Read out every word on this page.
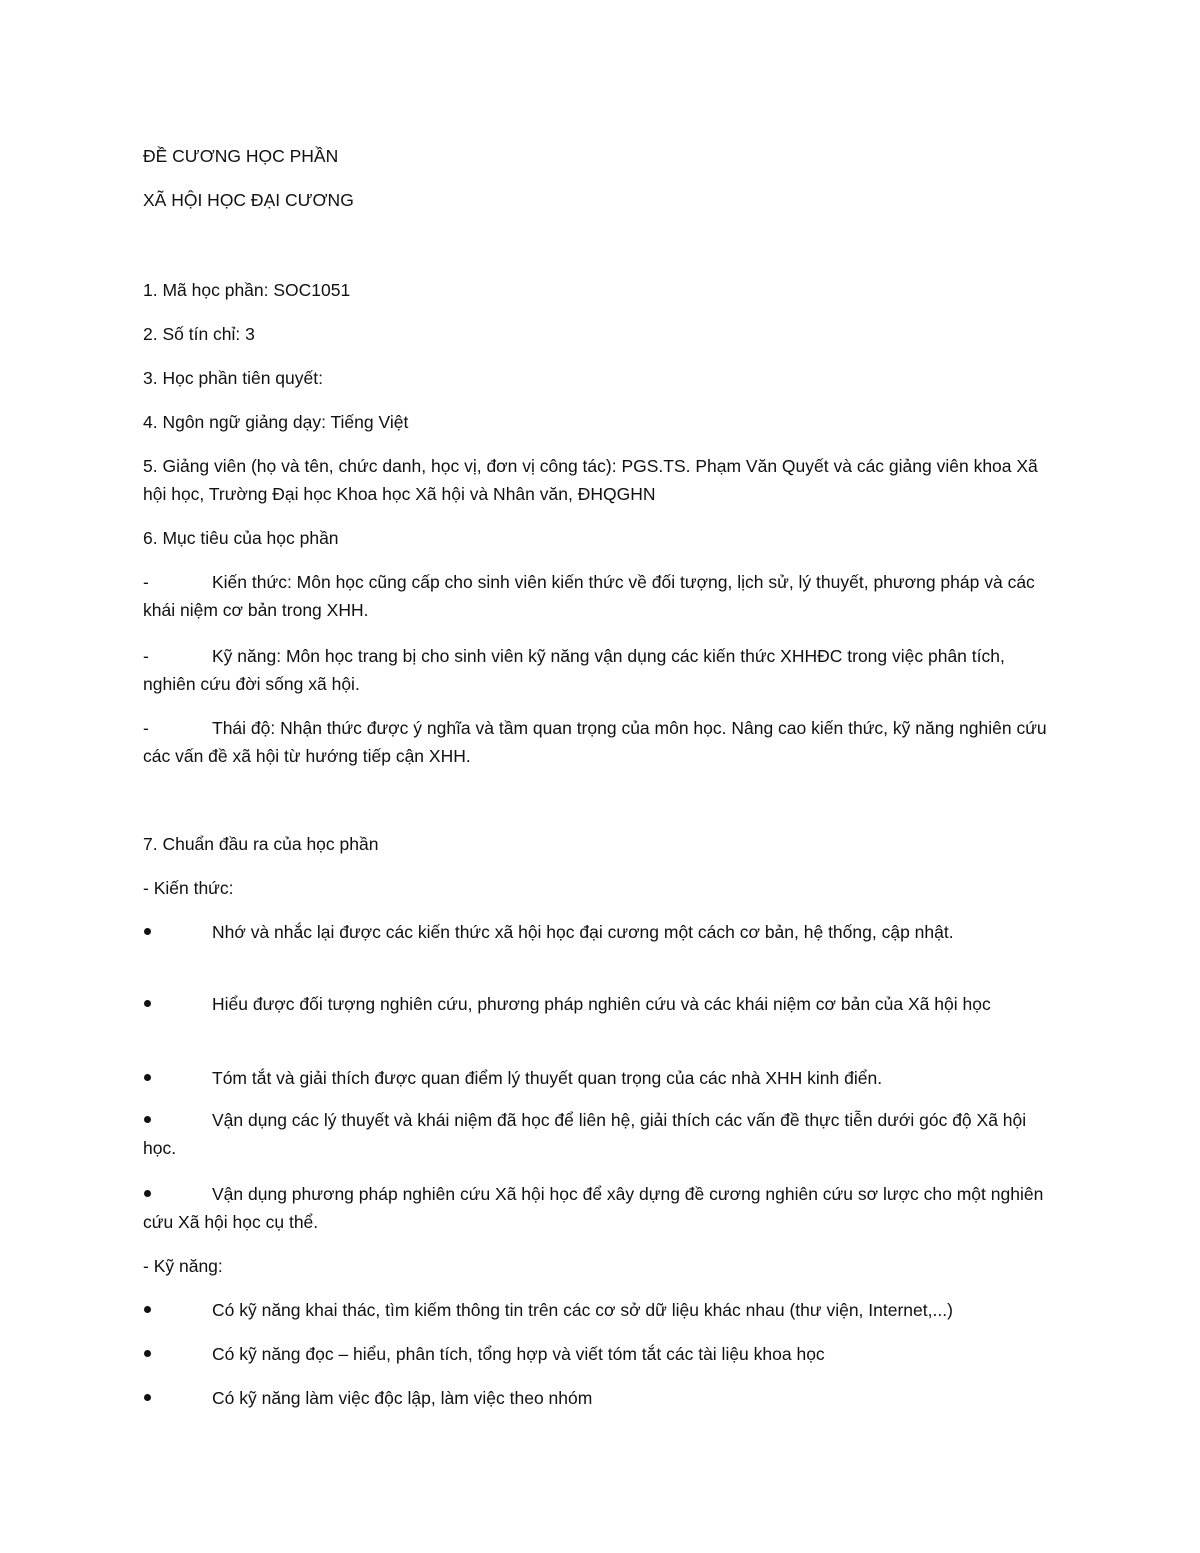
ĐỀ CƯƠNG HỌC PHẦN
XÃ HỘI HỌC ĐẠI CƯƠNG
1. Mã học phần: SOC1051
2. Số tín chỉ: 3
3. Học phần tiên quyết:
4. Ngôn ngữ giảng dạy: Tiếng Việt
5. Giảng viên (họ và tên, chức danh, học vị, đơn vị công tác): PGS.TS. Phạm Văn Quyết và các giảng viên khoa Xã hội học, Trường Đại học Khoa học Xã hội và Nhân văn, ĐHQGHN
6. Mục tiêu của học phần
-	Kiến thức: Môn học cũng cấp cho sinh viên kiến thức về đối tượng, lịch sử, lý thuyết, phương pháp và các khái niệm cơ bản trong XHH.
-	Kỹ năng: Môn học trang bị cho sinh viên kỹ năng vận dụng các kiến thức XHHĐC trong việc phân tích, nghiên cứu đời sống xã hội.
-	Thái độ: Nhận thức được ý nghĩa và tầm quan trọng của môn học. Nâng cao kiến thức, kỹ năng nghiên cứu các vấn đề xã hội từ hướng tiếp cận XHH.
7. Chuẩn đầu ra của học phần
- Kiến thức:
Nhớ và nhắc lại được các kiến thức xã hội học đại cương một cách cơ bản, hệ thống, cập nhật.
Hiểu được đối tượng nghiên cứu, phương pháp nghiên cứu và các khái niệm cơ bản của Xã hội học
Tóm tắt và giải thích được quan điểm lý thuyết quan trọng của các nhà XHH kinh điển.
Vận dụng các lý thuyết và khái niệm đã học để liên hệ, giải thích các vấn đề thực tiễn dưới góc độ Xã hội học.
Vận dụng phương pháp nghiên cứu Xã hội học để xây dựng đề cương nghiên cứu sơ lược cho một nghiên cứu Xã hội học cụ thể.
- Kỹ năng:
Có kỹ năng khai thác, tìm kiếm thông tin trên các cơ sở dữ liệu khác nhau (thư viện, Internet,...)
Có kỹ năng đọc – hiểu, phân tích, tổng hợp và viết tóm tắt các tài liệu khoa học
Có kỹ năng làm việc độc lập, làm việc theo nhóm
